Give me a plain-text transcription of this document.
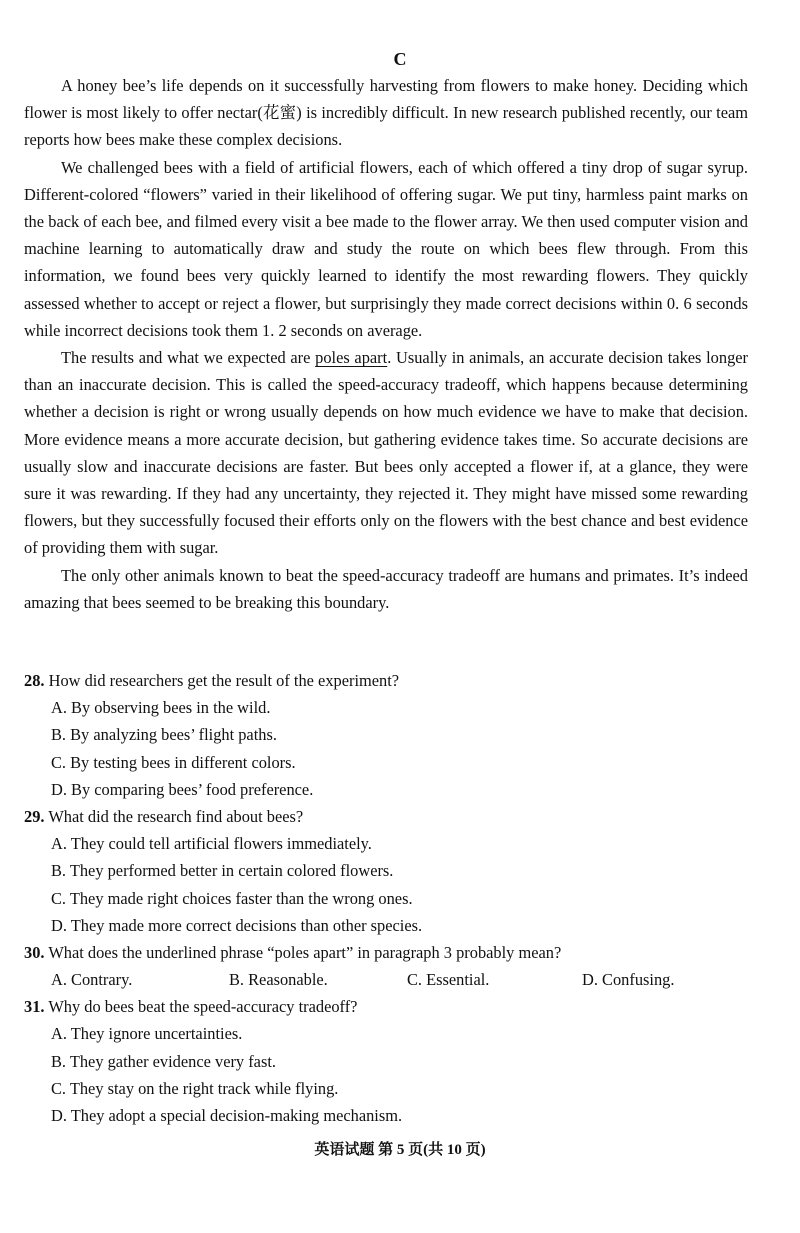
C

A honey bee’s life depends on it successfully harvesting from flowers to make honey. Deciding which flower is most likely to offer nectar(花蜜) is incredibly difficult. In new research published recently, our team reports how bees make these complex decisions.

We challenged bees with a field of artificial flowers, each of which offered a tiny drop of sugar syrup. Different-colored “flowers” varied in their likelihood of offering sugar. We put tiny, harmless paint marks on the back of each bee, and filmed every visit a bee made to the flower array. We then used computer vision and machine learning to automatically draw and study the route on which bees flew through. From this information, we found bees very quickly learned to identify the most rewarding flowers. They quickly assessed whether to accept or reject a flower, but surprisingly they made correct decisions within 0. 6 seconds while incorrect decisions took them 1. 2 seconds on average.

The results and what we expected are poles apart. Usually in animals, an accurate decision takes longer than an inaccurate decision. This is called the speed-accuracy tradeoff, which happens because determining whether a decision is right or wrong usually depends on how much evidence we have to make that decision. More evidence means a more accurate decision, but gathering evidence takes time. So accurate decisions are usually slow and inaccurate decisions are faster. But bees only accepted a flower if, at a glance, they were sure it was rewarding. If they had any uncertainty, they rejected it. They might have missed some rewarding flowers, but they successfully focused their efforts only on the flowers with the best chance and best evidence of providing them with sugar.

The only other animals known to beat the speed-accuracy tradeoff are humans and primates. It’s indeed amazing that bees seemed to be breaking this boundary.

28. How did researchers get the result of the experiment?
A. By observing bees in the wild.
B. By analyzing bees’ flight paths.
C. By testing bees in different colors.
D. By comparing bees’ food preference.
29. What did the research find about bees?
A. They could tell artificial flowers immediately.
B. They performed better in certain colored flowers.
C. They made right choices faster than the wrong ones.
D. They made more correct decisions than other species.
30. What does the underlined phrase “poles apart” in paragraph 3 probably mean?
A. Contrary.	B. Reasonable.	C. Essential.	D. Confusing.
31. Why do bees beat the speed-accuracy tradeoff?
A. They ignore uncertainties.
B. They gather evidence very fast.
C. They stay on the right track while flying.
D. They adopt a special decision-making mechanism.
英语试题 第 5 页(共 10 页)
